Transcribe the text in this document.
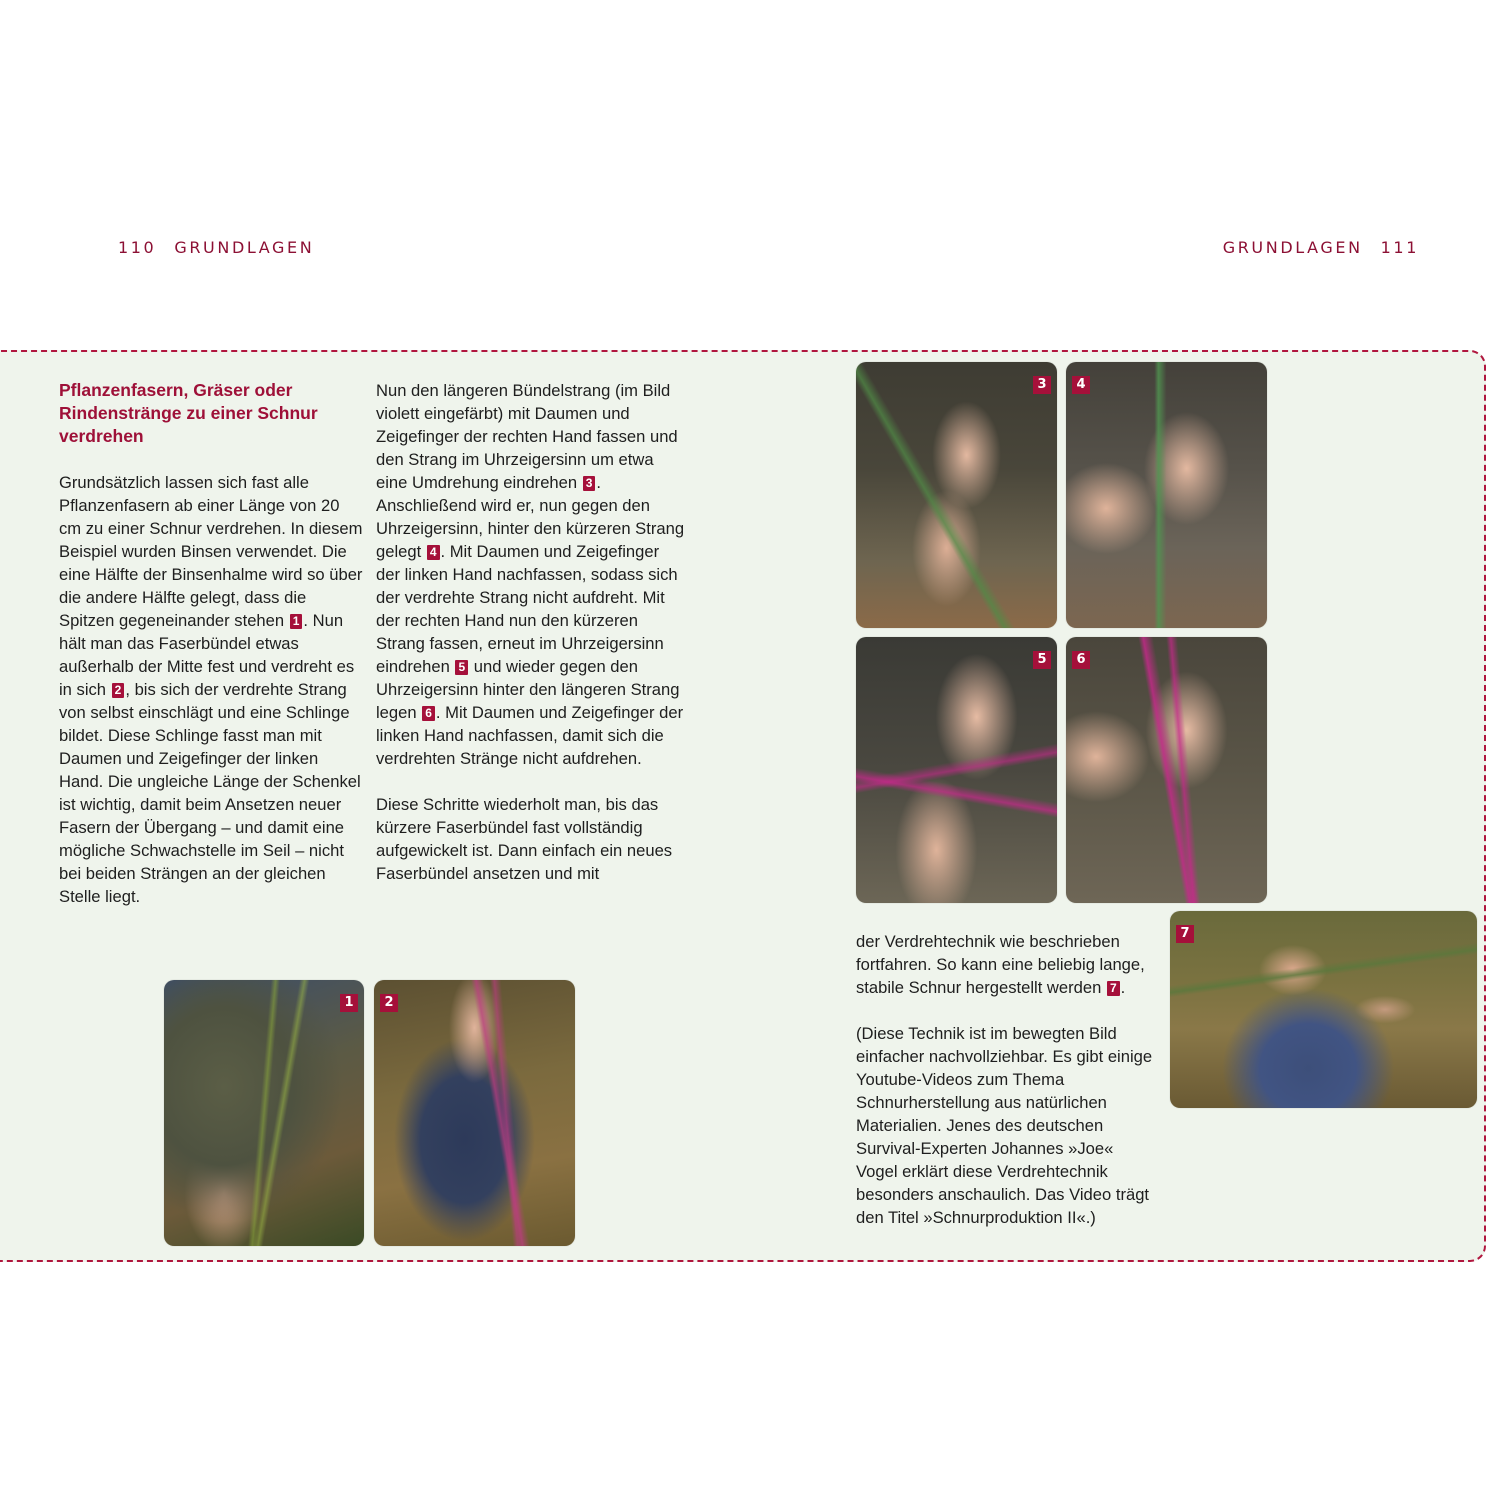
110 GRUNDLAGEN	GRUNDLAGEN 111

Pflanzenfasern, Gräser oder Rindenstränge zu einer Schnur verdrehen

Grundsätzlich lassen sich fast alle Pflanzenfasern ab einer Länge von 20 cm zu einer Schnur verdrehen. In diesem Beispiel wurden Binsen verwendet. Die eine Hälfte der Binsenhalme wird so über die andere Hälfte gelegt, dass die Spitzen gegeneinander stehen 1 . Nun hält man das Faserbündel etwas außerhalb der Mitte fest und verdreht es in sich 2 , bis sich der verdrehte Strang von selbst einschlägt und eine Schlinge bildet. Diese Schlinge fasst man mit Daumen und Zeigefinger der linken Hand. Die ungleiche Länge der Schenkel ist wichtig, damit beim Ansetzen neuer Fasern der Übergang – und damit eine mögliche Schwachstelle im Seil – nicht bei beiden Strängen an der gleichen Stelle liegt.

Nun den längeren Bündelstrang (im Bild violett eingefärbt) mit Daumen und Zeigefinger der rechten Hand fassen und den Strang im Uhrzeigersinn um etwa eine Umdrehung eindrehen 3 . Anschließend wird er, nun gegen den Uhrzeigersinn, hinter den kürzeren Strang gelegt 4 . Mit Daumen und Zeigefinger der linken Hand nachfassen, sodass sich der verdrehte Strang nicht aufdreht. Mit der rechten Hand nun den kürzeren Strang fassen, erneut im Uhrzeigersinn eindrehen 5 und wieder gegen den Uhrzeigersinn hinter den längeren Strang legen 6 . Mit Daumen und Zeigefinger der linken Hand nachfassen, damit sich die verdrehten Stränge nicht aufdrehen.

Diese Schritte wiederholt man, bis das kürzere Faserbündel fast vollständig aufgewickelt ist. Dann einfach ein neues Faserbündel ansetzen und mit

der Verdrehtechnik wie beschrieben fortfahren. So kann eine beliebig lange, stabile Schnur hergestellt werden 7 .

(Diese Technik ist im bewegten Bild einfacher nachvollziehbar. Es gibt einige Youtube-Videos zum Thema Schnurherstellung aus natürlichen Materialien. Jenes des deutschen Survival-Experten Johannes »Joe« Vogel erklärt diese Verdrehtechnik besonders anschaulich. Das Video trägt den Titel »Schnurproduktion II«.)

1	2
3	4
5	6
7
